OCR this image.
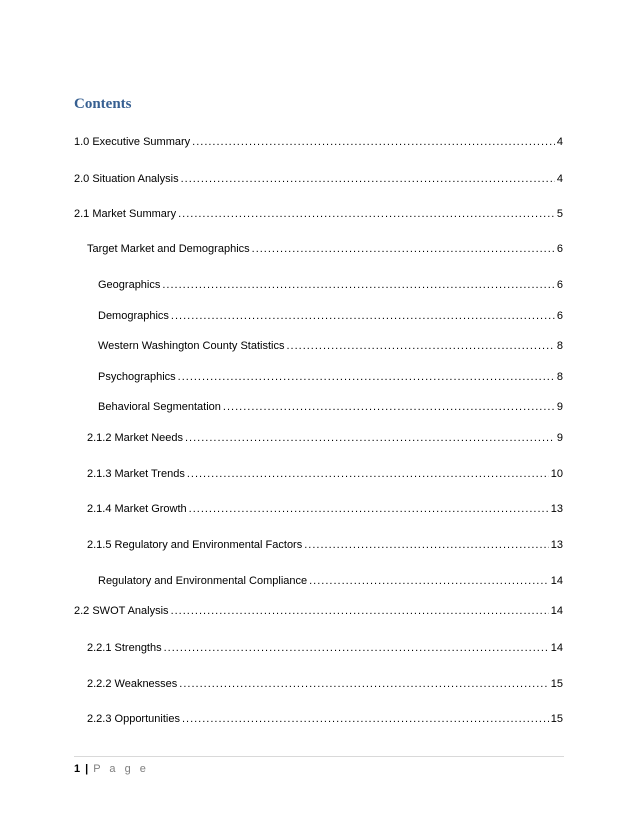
Contents
1.0 Executive Summary .....	4
2.0 Situation Analysis .....	4
2.1 Market Summary .....	5
Target Market and Demographics .....	6
Geographics .....	6
Demographics .....	6
Western Washington County Statistics .....	8
Psychographics .....	8
Behavioral Segmentation .....	9
2.1.2 Market Needs .....	9
2.1.3 Market Trends .....	10
2.1.4 Market Growth .....	13
2.1.5 Regulatory and Environmental Factors .....	13
Regulatory and Environmental Compliance .....	14
2.2 SWOT Analysis .....	14
2.2.1 Strengths .....	14
2.2.2 Weaknesses .....	15
2.2.3 Opportunities .....	15
1 | P a g e
